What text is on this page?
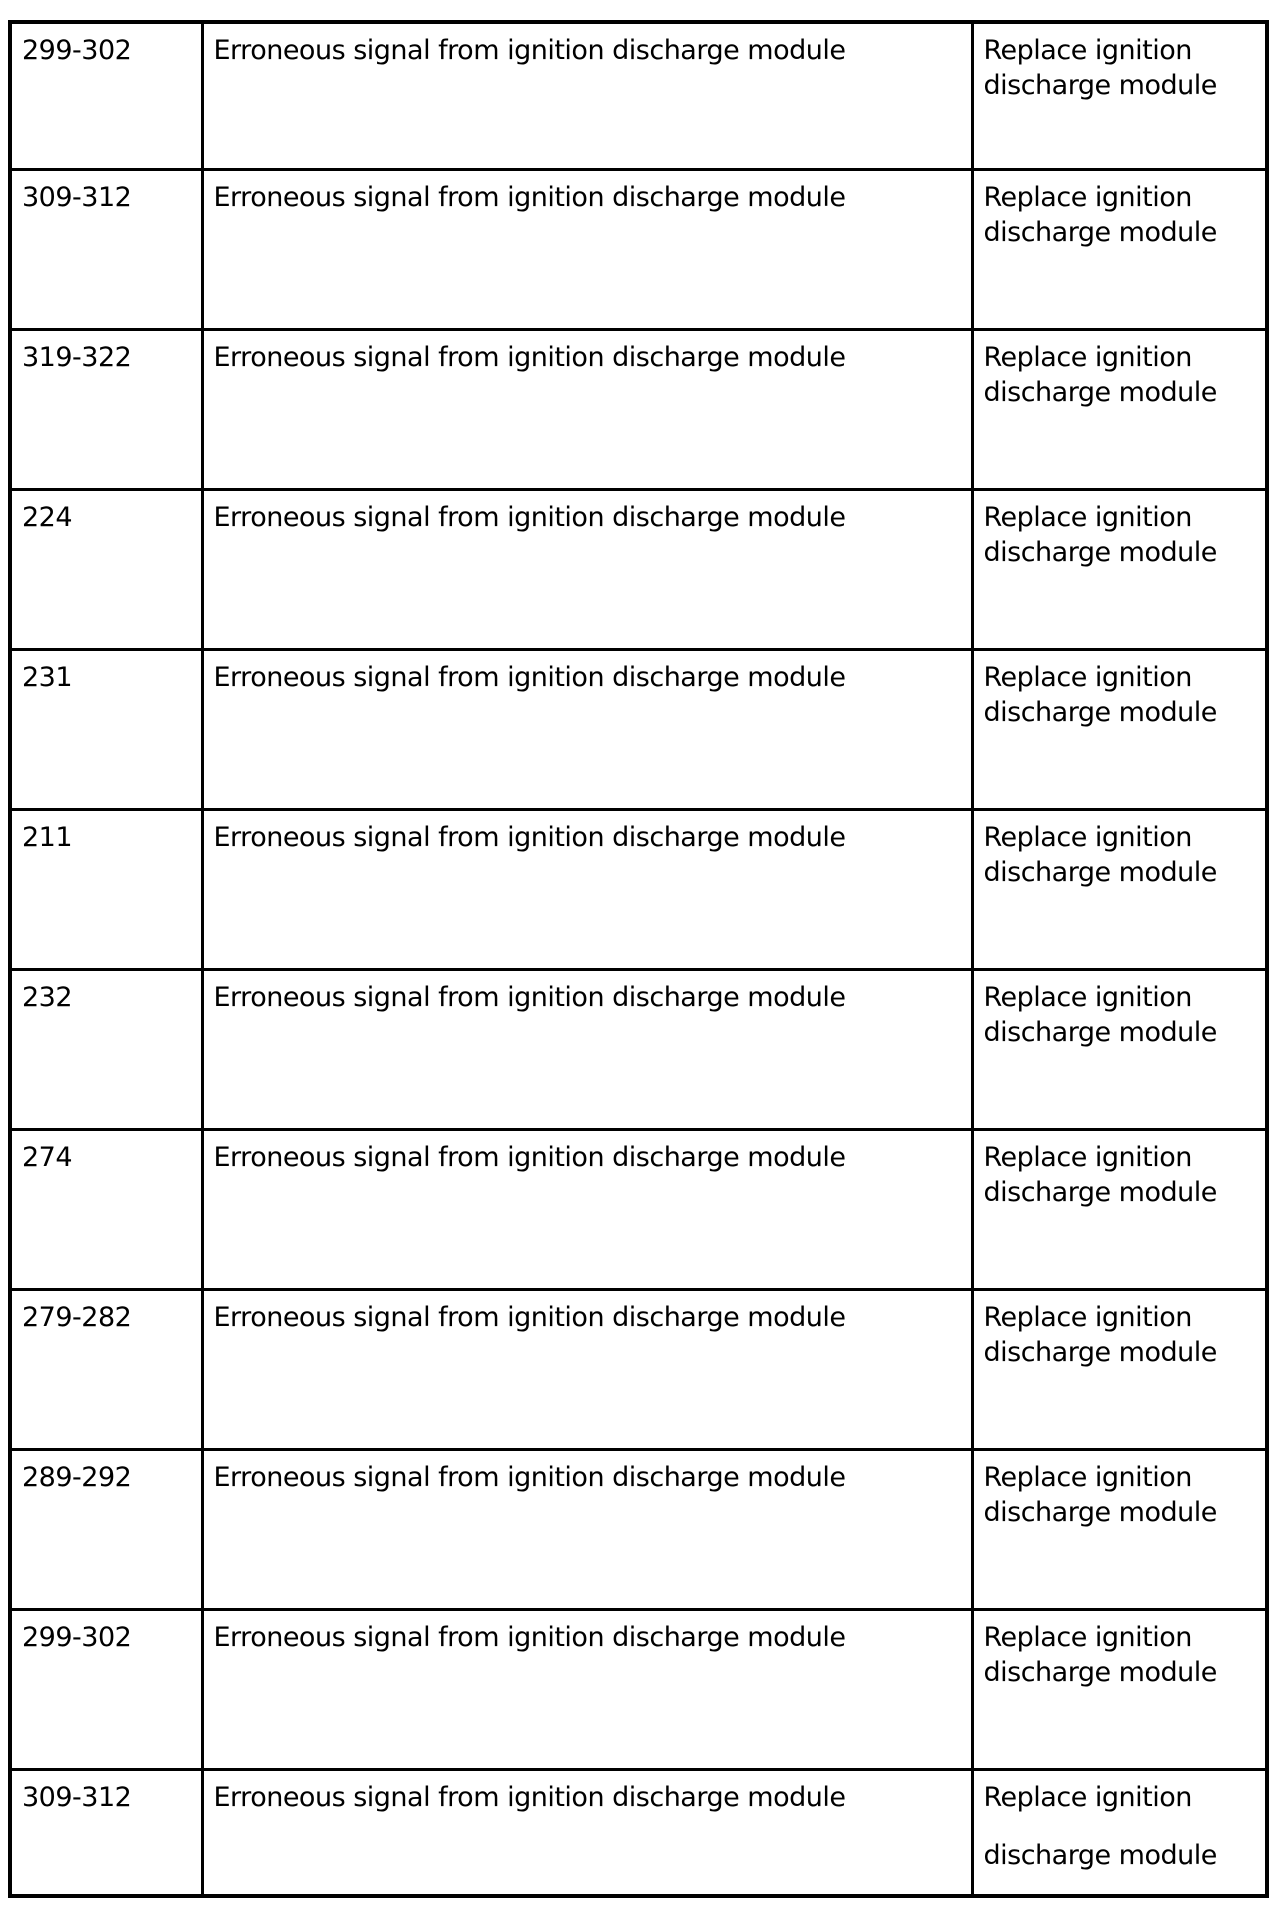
299-302	Erroneous signal from ignition discharge module	Replace ignition
discharge module

309-312	Erroneous signal from ignition discharge module	Replace ignition
discharge module

319-322	Erroneous signal from ignition discharge module	Replace ignition
discharge module

224	Erroneous signal from ignition discharge module	Replace ignition
discharge module

231	Erroneous signal from ignition discharge module	Replace ignition
discharge module

211	Erroneous signal from ignition discharge module	Replace ignition
discharge module

232	Erroneous signal from ignition discharge module	Replace ignition
discharge module

274	Erroneous signal from ignition discharge module	Replace ignition
discharge module

279-282	Erroneous signal from ignition discharge module	Replace ignition
discharge module

289-292	Erroneous signal from ignition discharge module	Replace ignition
discharge module

299-302	Erroneous signal from ignition discharge module	Replace ignition
discharge module

309-312	Erroneous signal from ignition discharge module	Replace ignition
discharge module
